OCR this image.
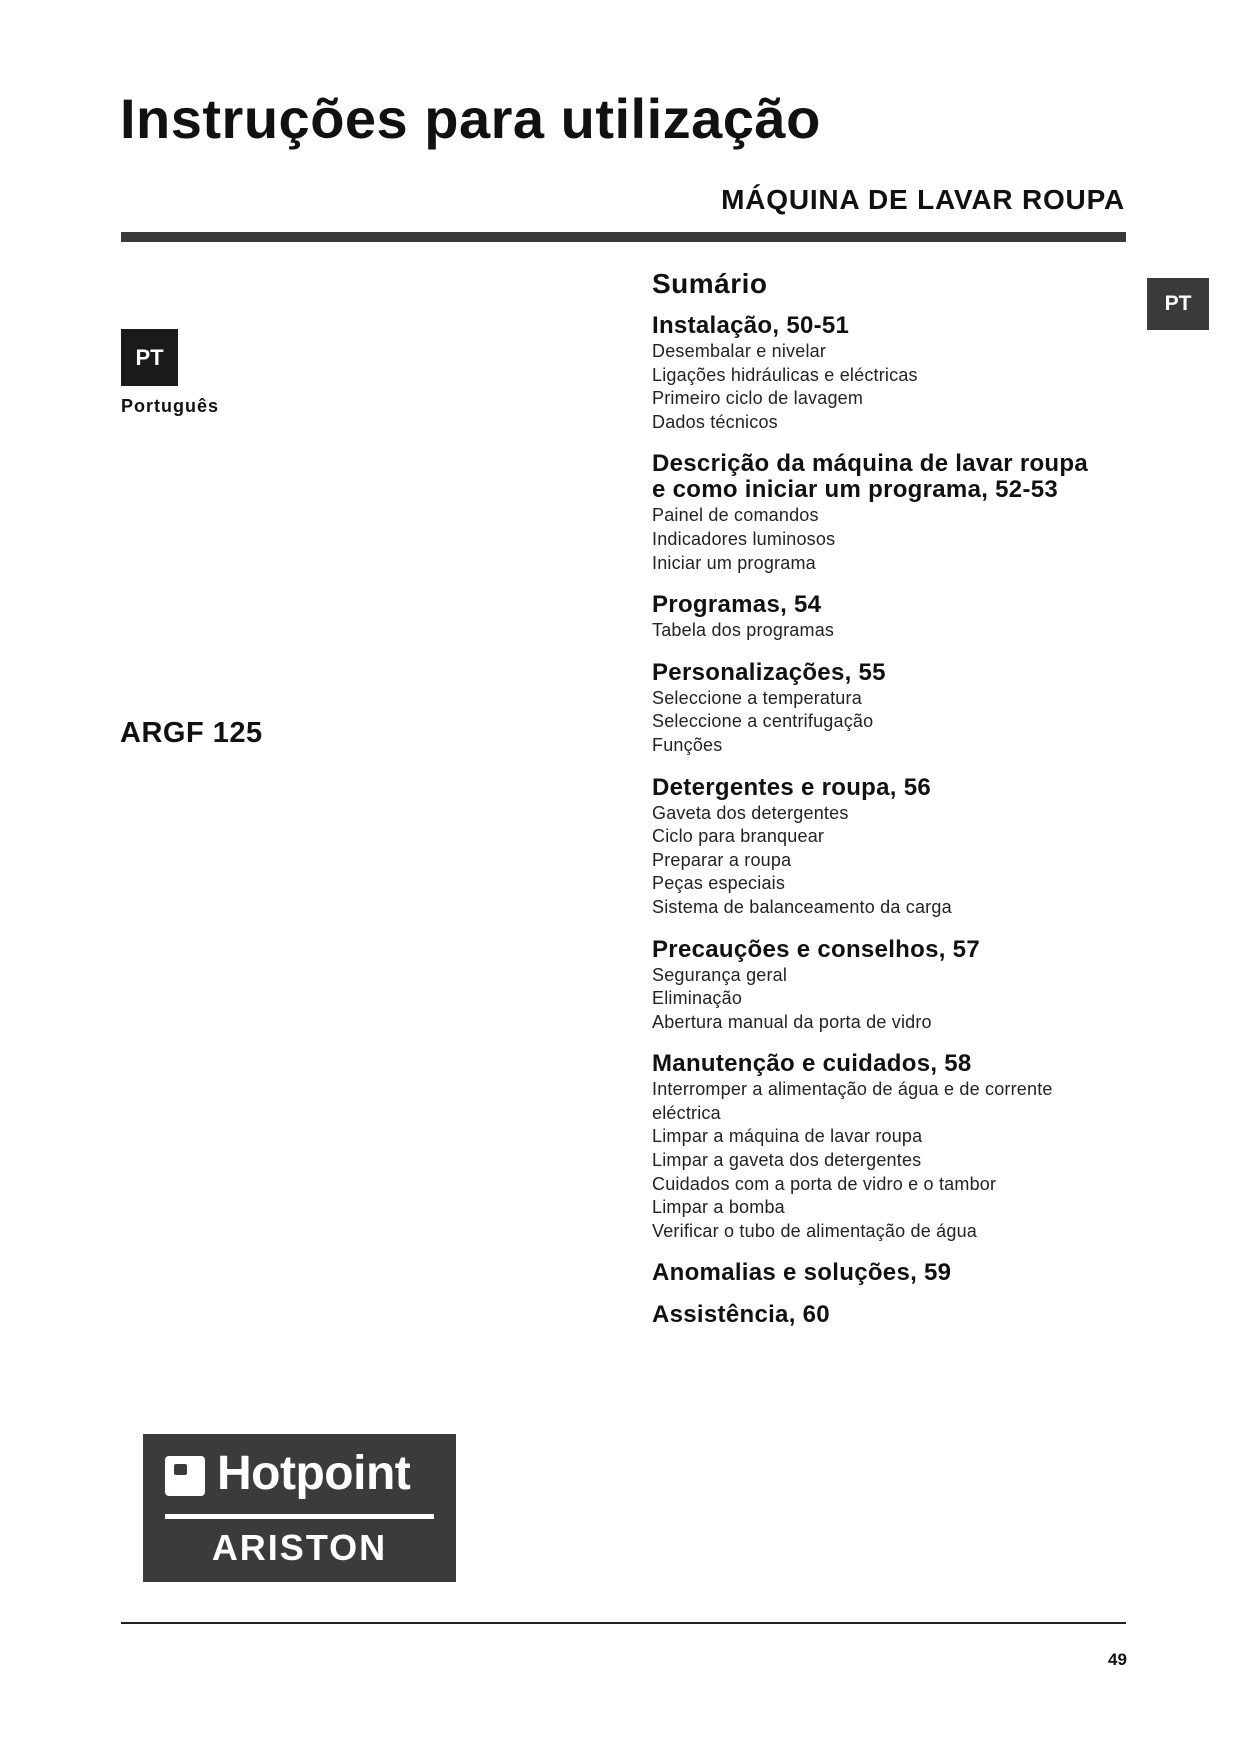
Instruções para utilização
MÁQUINA DE LAVAR ROUPA
PT
PT
Português
ARGF 125
Sumário
Instalação, 50-51
Desembalar e nivelar
Ligações hidráulicas e eléctricas
Primeiro ciclo de lavagem
Dados técnicos
Descrição da máquina de lavar roupa
e como iniciar um programa, 52-53
Painel de comandos
Indicadores luminosos
Iniciar um programa
Programas, 54
Tabela dos programas
Personalizações, 55
Seleccione a temperatura
Seleccione a centrifugação
Funções
Detergentes e roupa, 56
Gaveta dos detergentes
Ciclo para branquear
Preparar a roupa
Peças especiais
Sistema de balanceamento da carga
Precauções e conselhos, 57
Segurança geral
Eliminação
Abertura manual da porta de vidro
Manutenção e cuidados, 58
Interromper a alimentação de água e de corrente
eléctrica
Limpar a máquina de lavar roupa
Limpar a gaveta dos detergentes
Cuidados com a porta de vidro e o tambor
Limpar a bomba
Verificar o tubo de alimentação de água
Anomalias e soluções, 59
Assistência, 60
Hotpoint
ARISTON
49
